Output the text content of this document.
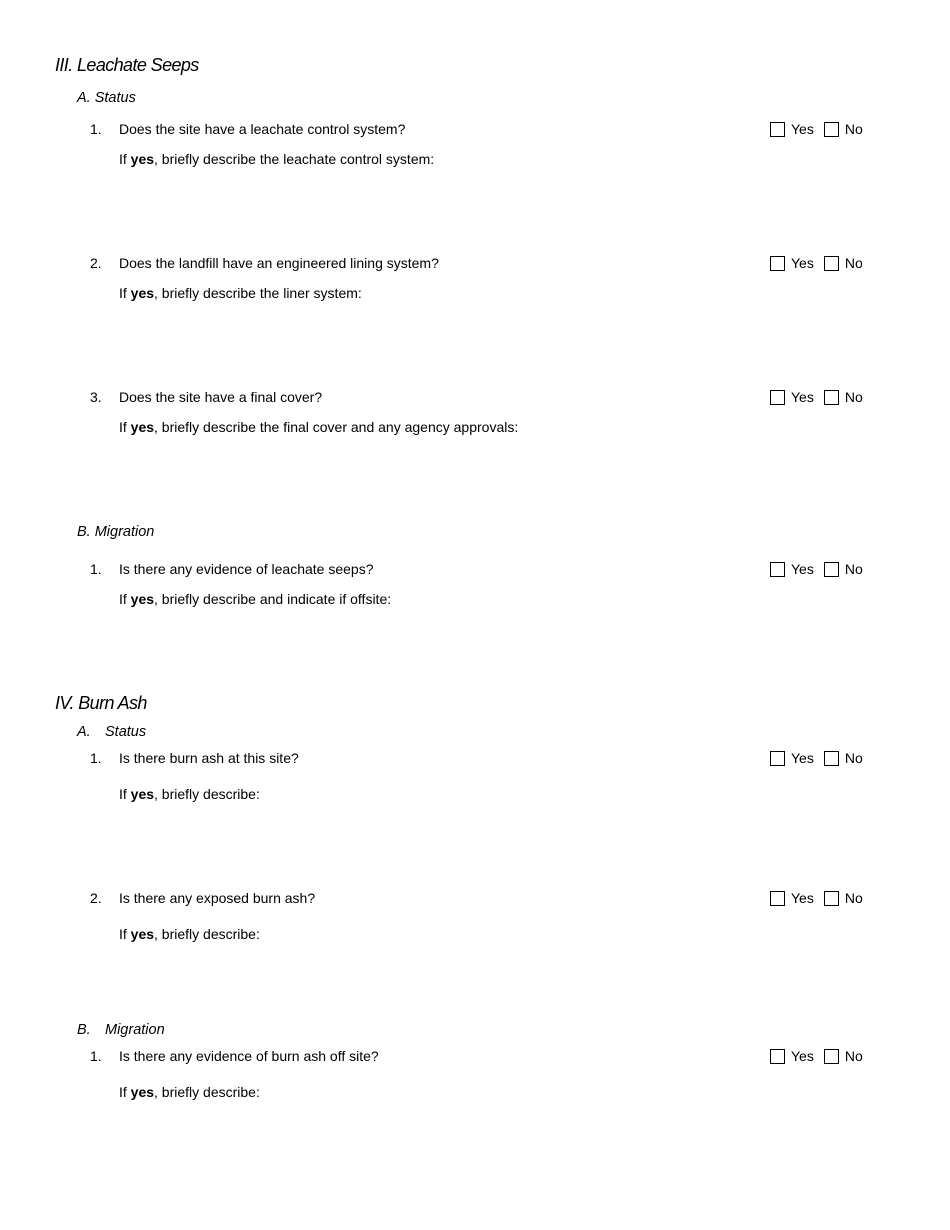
III. Leachate Seeps
A. Status
1. Does the site have a leachate control system?	Yes No
If yes, briefly describe the leachate control system:
2. Does the landfill have an engineered lining system?	Yes No
If yes, briefly describe the liner system:
3. Does the site have a final cover?	Yes No
If yes, briefly describe the final cover and any agency approvals:
B. Migration
1. Is there any evidence of leachate seeps?	Yes No
If yes, briefly describe and indicate if offsite:
IV. Burn Ash
A. Status
1. Is there burn ash at this site?	Yes No
If yes, briefly describe:
2. Is there any exposed burn ash?	Yes No
If yes, briefly describe:
B. Migration
1. Is there any evidence of burn ash off site?	Yes No
If yes, briefly describe:
